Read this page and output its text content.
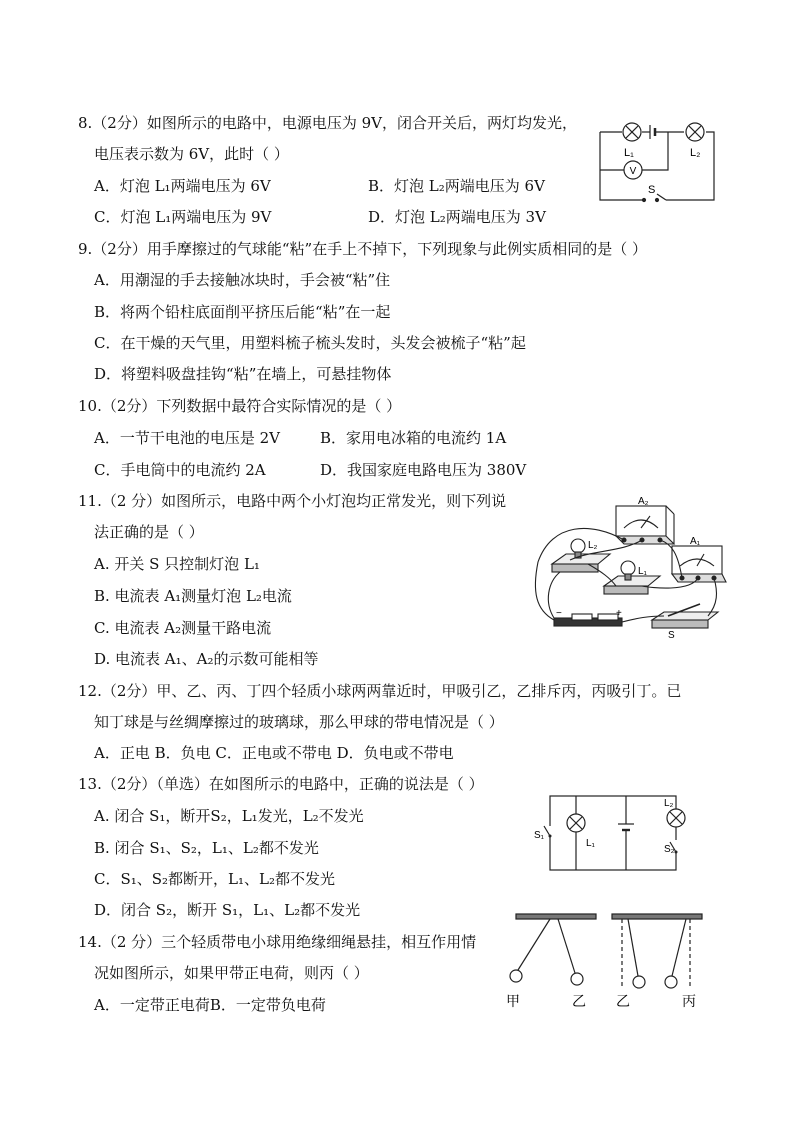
8.（2分）如图所示的电路中，电源电压为 9V，闭合开关后，两灯均发光，
电压表示数为 6V，此时（ ）
A．灯泡 L₁两端电压为 6V	B．灯泡 L₂两端电压为 6V
C．灯泡 L₁两端电压为 9V	D．灯泡 L₂两端电压为 3V
V
L₁	L₂
S
9.（2分）用手摩擦过的气球能“粘”在手上不掉下，下列现象与此例实质相同的是（ ）
A．用潮湿的手去接触冰块时，手会被“粘”住
B．将两个铅柱底面削平挤压后能“粘”在一起
C．在干燥的天气里，用塑料梳子梳头发时，头发会被梳子“粘”起
D．将塑料吸盘挂钩“粘”在墙上，可悬挂物体
10.（2分）下列数据中最符合实际情况的是（ ）
A．一节干电池的电压是 2V	B．家用电冰箱的电流约 1A
C．手电筒中的电流约 2A	D．我国家庭电路电压为 380V
11.（2 分）如图所示，电路中两个小灯泡均正常发光，则下列说
法正确的是（ ）
A. 开关 S 只控制灯泡 L₁
B. 电流表 A₁测量灯泡 L₂电流
C. 电流表 A₂测量干路电流
D. 电流表 A₁、A₂的示数可能相等
A₂
A₁
L₂
L₁
S
−	+
12.（2分）甲、乙、丙、丁四个轻质小球两两靠近时，甲吸引乙，乙排斥丙，丙吸引丁。已
知丁球是与丝绸摩擦过的玻璃球，那么甲球的带电情况是（ ）
A．正电 B．负电 C．正电或不带电 D．负电或不带电
13.（2分）（单选）在如图所示的电路中，正确的说法是（ ）
A. 闭合 S₁，断开S₂，L₁发光，L₂不发光
B. 闭合 S₁、S₂，L₁、L₂都不发光
C．S₁、S₂都断开，L₁、L₂都不发光
D．闭合 S₂，断开 S₁，L₁、L₂都不发光
S₁
L₁
L₂
S₂
14.（2 分）三个轻质带电小球用绝缘细绳悬挂，相互作用情
况如图所示，如果甲带正电荷，则丙（ ）
A．一定带正电荷B．一定带负电荷	甲	乙 乙	丙
